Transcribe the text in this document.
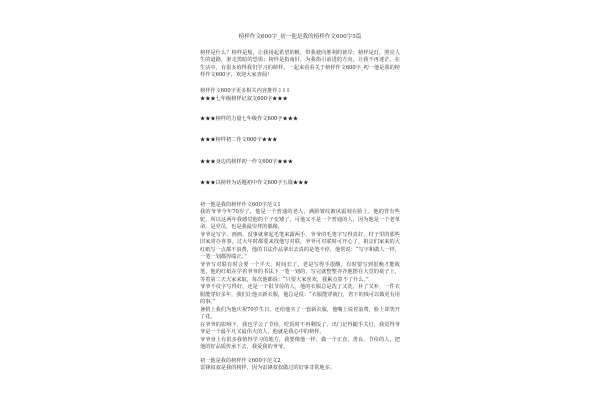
榜样作文600字_初一他是我的榜样作文600字5篇

榜样是什么？榜样是船，让我扬起希望的帆，带我驶向胜利的彼岸；榜样是灯，照亮人生的道路，驱走黑暗的恐惧；榜样是指南针，为我指引前进的方向，让我不再迷茫。在生活中，有很多值得我们学习的榜样。一起来看看关于榜样作文600字_初一他是我的榜样作文600字，欢迎大家查阅！

榜样作文600字更多相关内容推荐⇩⇩⇩
★★★七年级榜样记叙文600字★★★
★★★榜样的力量七年级作文600字★★★
★★★榜样初二作文600字★★★
★★★身边的榜样初一作文600字★★★
★★★以榜样为话题初中作文600字五篇★★★
初一他是我的榜样作文600字范文1

我的爷爷今年70岁了，他是一个普通的老人，满脸皱纹被风霜刻在脸上，他的背有些驼，所以这两年我感觉他的个子变矮了，可他又不是一个普通的人，因为他是一个老革命，是党员，也是我最崇拜的偶像。

爷爷是写字、画画、没事就拿起毛笔来露两手，爷爷的毛笔字写得真好，村子里的那些旧家常办喜事，过大年时都要来找他写对联，爷爷可对联时可开心了，祖宗们家来的大红纸写一点都不浪费，他的书法作品拿出去真的是笔不停，他常说：“写字和做人一样，一笔一划都得端正。”

爷爷写对联有时会要一个半天，时间长了，老是写得手很酸，有时要写到很晚才能收笔，他的红纸在学着爷爷的书法下一笔一划的，写完就整整齐齐地摆在大堂的桌子上，等着第二天大家来取，每次他都说：“只要大家喜欢，我累点算不了什么。”

爷爷不仅字写得好，还是一个很节俭的人，他的衣服总是洗了又洗，补了又补，一件衣服能穿好多年，我们让他买新衣服，他总是说：“衣服能穿就行，省下的钱可以做更有用的事。”

暑假上我们为他庆祝70岁生日，还给他买了一套新衣服，他嘴上说着浪费，脸上却笑开了花。

在爷爷的影响下，我也学会了节俭，吃饭时不再剩饭了，出门记得随手关灯，我觉得爷爷是一个最平凡又最伟大的人，他就是我心中的榜样。

爷爷身上有很多我值得学习的地方，我要像他一样，做一个正直、善良、节俭的人，把他的好品质传承下去，我爱我的爷爷。

初一他是我的榜样作文600字范文2

雷锋叔叔是我的榜样，因为雷锋叔叔做过的好事非常地多。
